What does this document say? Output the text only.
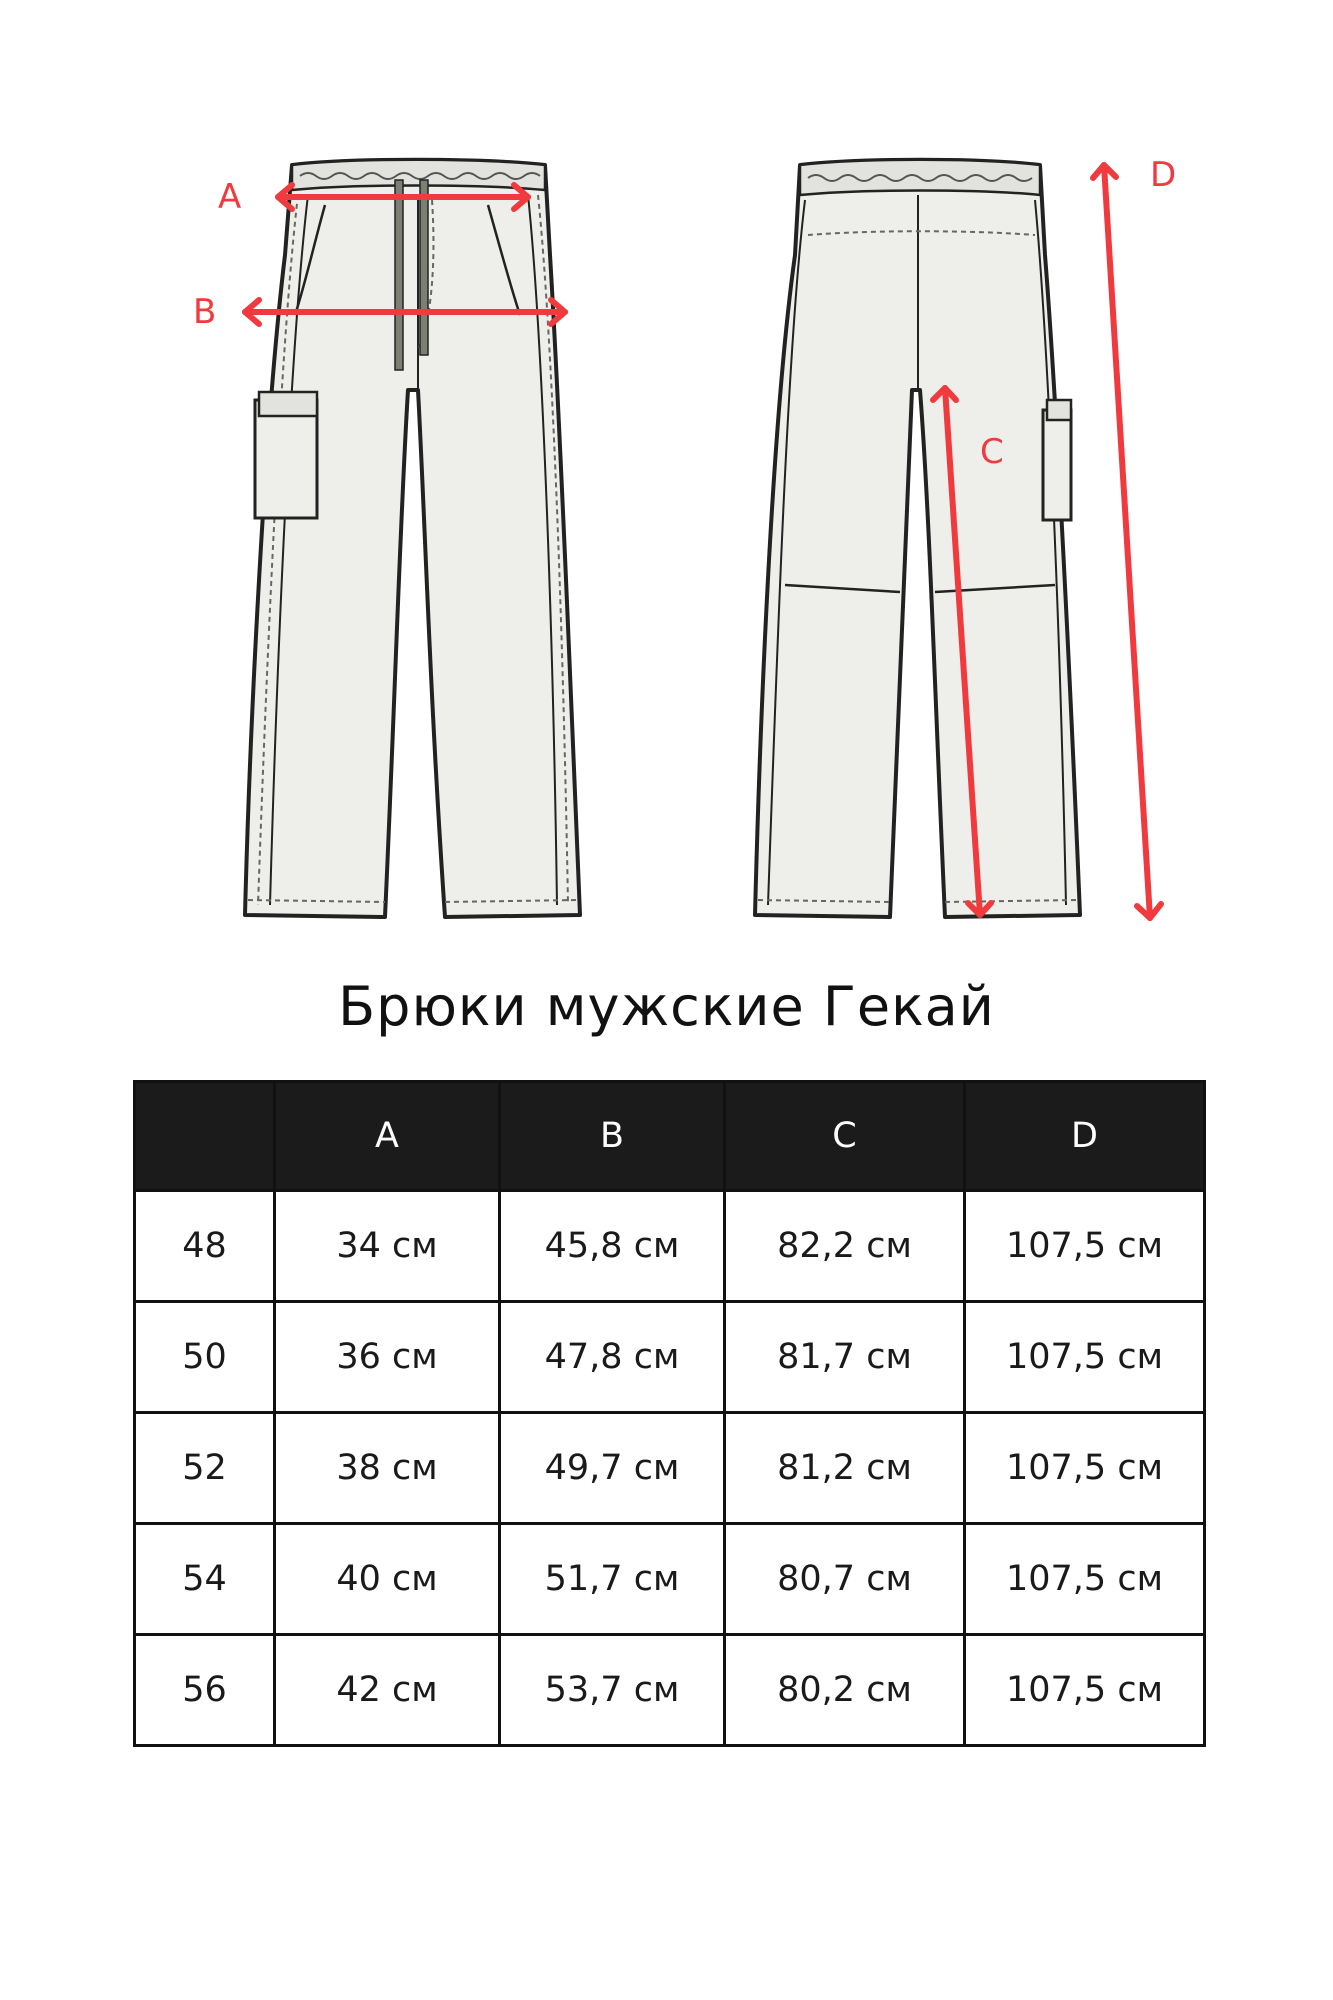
A
B
C
D
Брюки мужские Гекай
	A	B	C	D
48	34 см	45,8 см	82,2 см	107,5 см
50	36 см	47,8 см	81,7 см	107,5 см
52	38 см	49,7 см	81,2 см	107,5 см
54	40 см	51,7 см	80,7 см	107,5 см
56	42 см	53,7 см	80,2 см	107,5 см
